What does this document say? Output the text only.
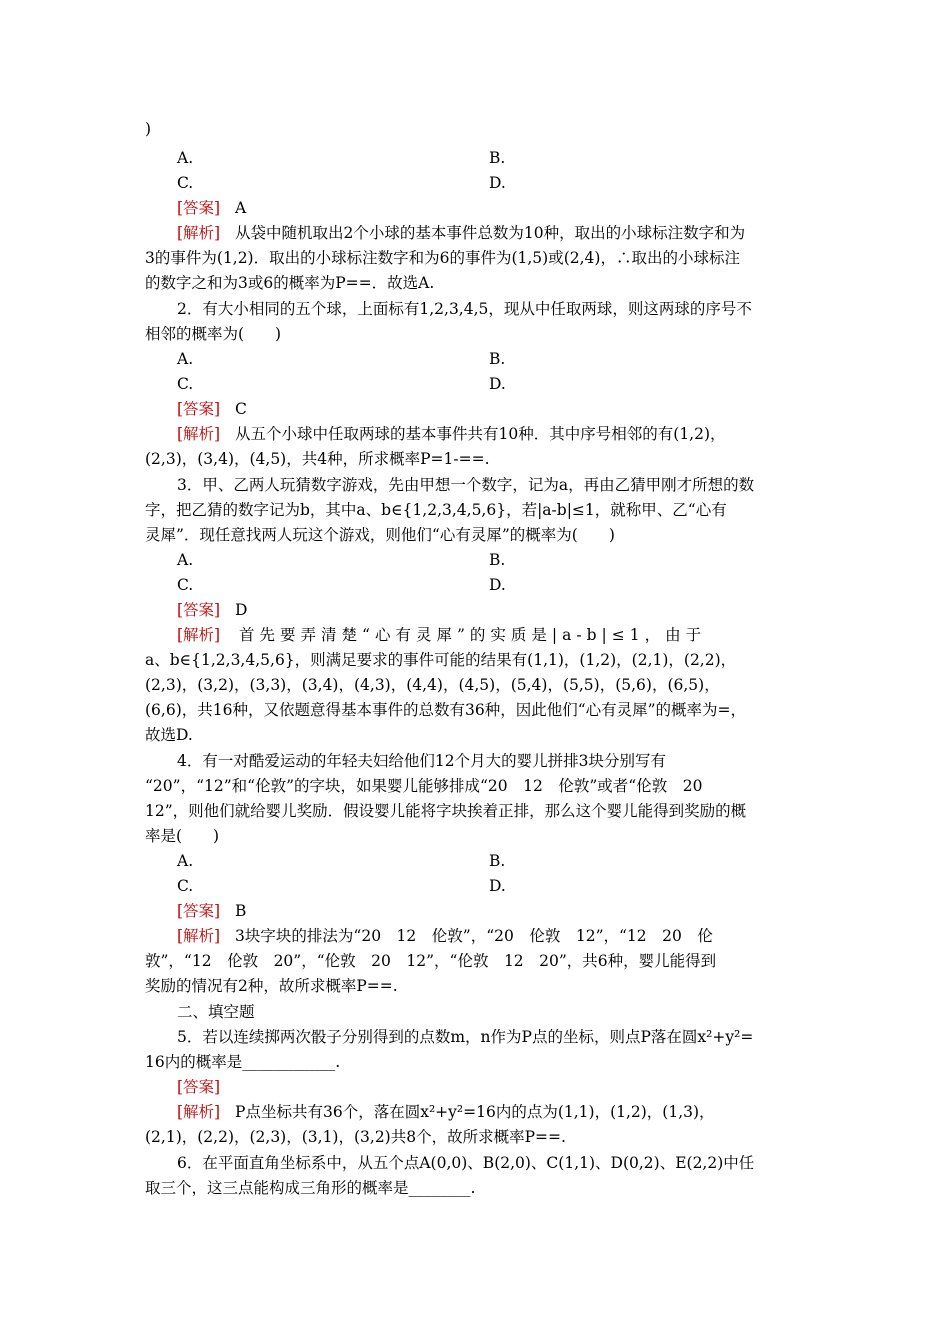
)
A.	B.
C.	D.
[答案] A
[解析] 从袋中随机取出2个小球的基本事件总数为10种，取出的小球标注数字和为
3的事件为(1,2)．取出的小球标注数字和为6的事件为(1,5)或(2,4)，∴取出的小球标注
的数字之和为3或6的概率为P==．故选A.
2．有大小相同的五个球，上面标有1,2,3,4,5，现从中任取两球，则这两球的序号不
相邻的概率为(　　)
A.	B.
C.	D.
[答案] C
[解析] 从五个小球中任取两球的基本事件共有10种．其中序号相邻的有(1,2)，
(2,3)，(3,4)，(4,5)，共4种，所求概率P=1-==.
3．甲、乙两人玩猜数字游戏，先由甲想一个数字，记为a，再由乙猜甲刚才所想的数
字，把乙猜的数字记为b，其中a、b∈{1,2,3,4,5,6}，若|a-b|≤1，就称甲、乙“心有
灵犀”．现任意找两人玩这个游戏，则他们“心有灵犀”的概率为(　　)
A.	B.
C.	D.
[答案] D
[解析] 首先要弄清楚“心有灵犀”的实质是|a-b|≤1，由于
a、b∈{1,2,3,4,5,6}，则满足要求的事件可能的结果有(1,1)，(1,2)，(2,1)，(2,2)，
(2,3)，(3,2)，(3,3)，(3,4)，(4,3)，(4,4)，(4,5)，(5,4)，(5,5)，(5,6)，(6,5)，
(6,6)，共16种，又依题意得基本事件的总数有36种，因此他们“心有灵犀”的概率为=，
故选D.
4．有一对酷爱运动的年轻夫妇给他们12个月大的婴儿拼排3块分别写有
“20”，“12”和“伦敦”的字块，如果婴儿能够排成“20　12　伦敦”或者“伦敦　20
12”，则他们就给婴儿奖励．假设婴儿能将字块挨着正排，那么这个婴儿能得到奖励的概
率是(　　)
A.	B.
C.	D.
[答案] B
[解析] 3块字块的排法为“20　12　伦敦”，“20　伦敦　12”，“12　20　伦
敦”，“12　伦敦　20”，“伦敦　20　12”，“伦敦　12　20”，共6种，婴儿能得到
奖励的情况有2种，故所求概率P==.
二、填空题
5．若以连续掷两次骰子分别得到的点数m，n作为P点的坐标，则点P落在圆x²+y²=
16内的概率是____________.
[答案]
[解析] P点坐标共有36个，落在圆x²+y²=16内的点为(1,1)，(1,2)，(1,3)，
(2,1)，(2,2)，(2,3)，(3,1)，(3,2)共8个，故所求概率P==.
6．在平面直角坐标系中，从五个点A(0,0)、B(2,0)、C(1,1)、D(0,2)、E(2,2)中任
取三个，这三点能构成三角形的概率是________.
